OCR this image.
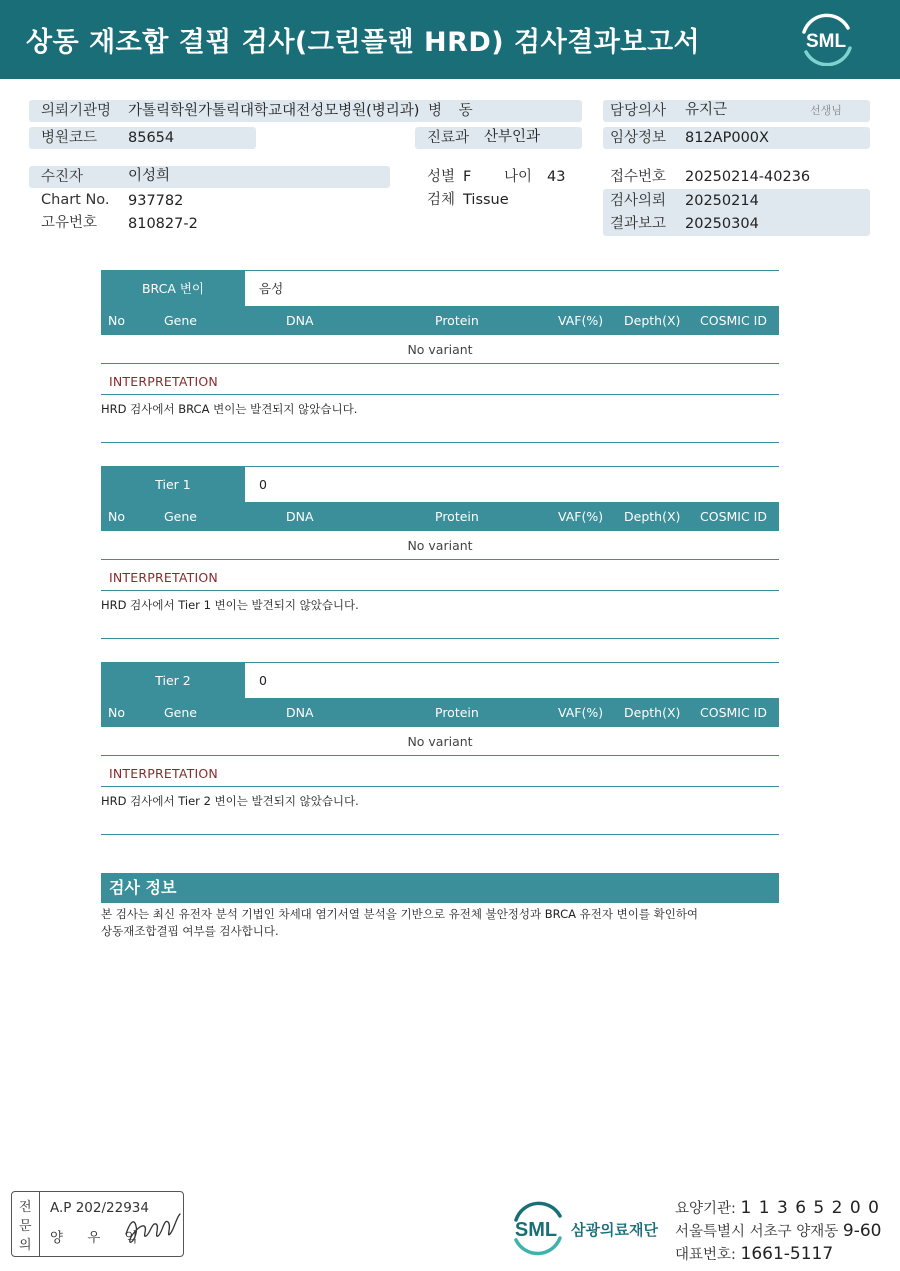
상동 재조합 결핍 검사(그린플랜 HRD) 검사결과보고서	SML
의뢰기관명 가톨릭학원가톨릭대학교대전성모병원(병리과) 병 동	담당의사 유지근	선생님
병원코드 85654	진료과 산부인과	임상정보 812AP000X
수진자	이성희	성별 F 나이 43	접수번호 20250214-40236
Chart No. 937782	검체 Tissue	검사의뢰 20250214
고유번호 810827-2	결과보고 20250304
BRCA 변이	음성
No	Gene	DNA	Protein	VAF(%) Depth(X) COSMIC ID
No variant
INTERPRETATION
HRD 검사에서 BRCA 변이는 발견되지 않았습니다.
Tier 1	0
No	Gene	DNA	Protein	VAF(%) Depth(X) COSMIC ID
No variant
INTERPRETATION
HRD 검사에서 Tier 1 변이는 발견되지 않았습니다.
Tier 2	0
No	Gene	DNA	Protein	VAF(%) Depth(X) COSMIC ID
No variant
INTERPRETATION
HRD 검사에서 Tier 2 변이는 발견되지 않았습니다.
검사 정보
본 검사는 최신 유전자 분석 기법인 차세대 염기서열 분석을 기반으로 유전체 불안정성과 BRCA 유전자 변이를 확인하여
상동재조합결핍 여부를 검사합니다.
전
문
의
A.P 202/22934
양 우 익	SML 삼광의료재단
요양기관: 1 1 3 6 5 2 0 0
서울특별시 서초구 양재동 9-60
대표번호: 1661-5117
